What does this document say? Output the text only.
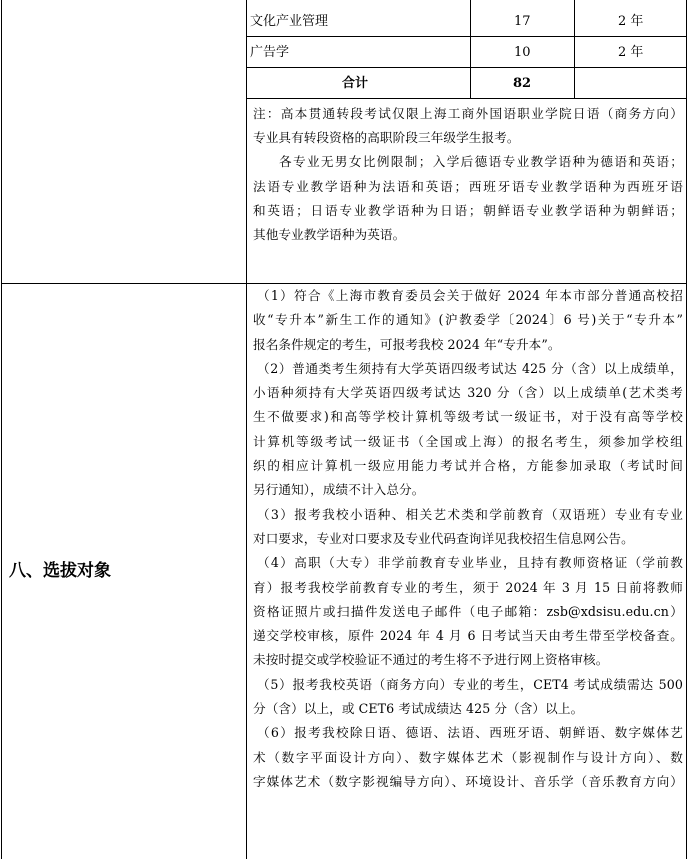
文化产业管理	17	2 年
广告学	10	2 年
合计	82
注：高本贯通转段考试仅限上海工商外国语职业学院日语（商务方向）
专业具有转段资格的高职阶段三年级学生报考。
各专业无男女比例限制；入学后德语专业教学语种为德语和英语；
法语专业教学语种为法语和英语；西班牙语专业教学语种为西班牙语
和英语；日语专业教学语种为日语；朝鲜语专业教学语种为朝鲜语；
其他专业教学语种为英语。
八、选拔对象
（1）符合《上海市教育委员会关于做好 2024 年本市部分普通高校招
收“专升本”新生工作的通知》(沪教委学〔2024〕6 号)关于“专升本”
报名条件规定的考生，可报考我校 2024 年“专升本”。
（2）普通类考生须持有大学英语四级考试达 425 分（含）以上成绩单，
小语种须持有大学英语四级考试达 320 分（含）以上成绩单(艺术类考
生不做要求)和高等学校计算机等级考试一级证书，对于没有高等学校
计算机等级考试一级证书（全国或上海）的报名考生，须参加学校组
织的相应计算机一级应用能力考试并合格，方能参加录取（考试时间
另行通知），成绩不计入总分。
（3）报考我校小语种、相关艺术类和学前教育（双语班）专业有专业
对口要求，专业对口要求及专业代码查询详见我校招生信息网公告。
（4）高职（大专）非学前教育专业毕业，且持有教师资格证（学前教
育）报考我校学前教育专业的考生，须于 2024 年 3 月 15 日前将教师
资格证照片或扫描件发送电子邮件（电子邮箱：zsb@xdsisu.edu.cn）
递交学校审核，原件 2024 年 4 月 6 日考试当天由考生带至学校备查。
未按时提交或学校验证不通过的考生将不予进行网上资格审核。
（5）报考我校英语（商务方向）专业的考生，CET4 考试成绩需达 500
分（含）以上，或 CET6 考试成绩达 425 分（含）以上。
（6）报考我校除日语、德语、法语、西班牙语、朝鲜语、数字媒体艺
术（数字平面设计方向）、数字媒体艺术（影视制作与设计方向）、数
字媒体艺术（数字影视编导方向）、环境设计、音乐学（音乐教育方向）
